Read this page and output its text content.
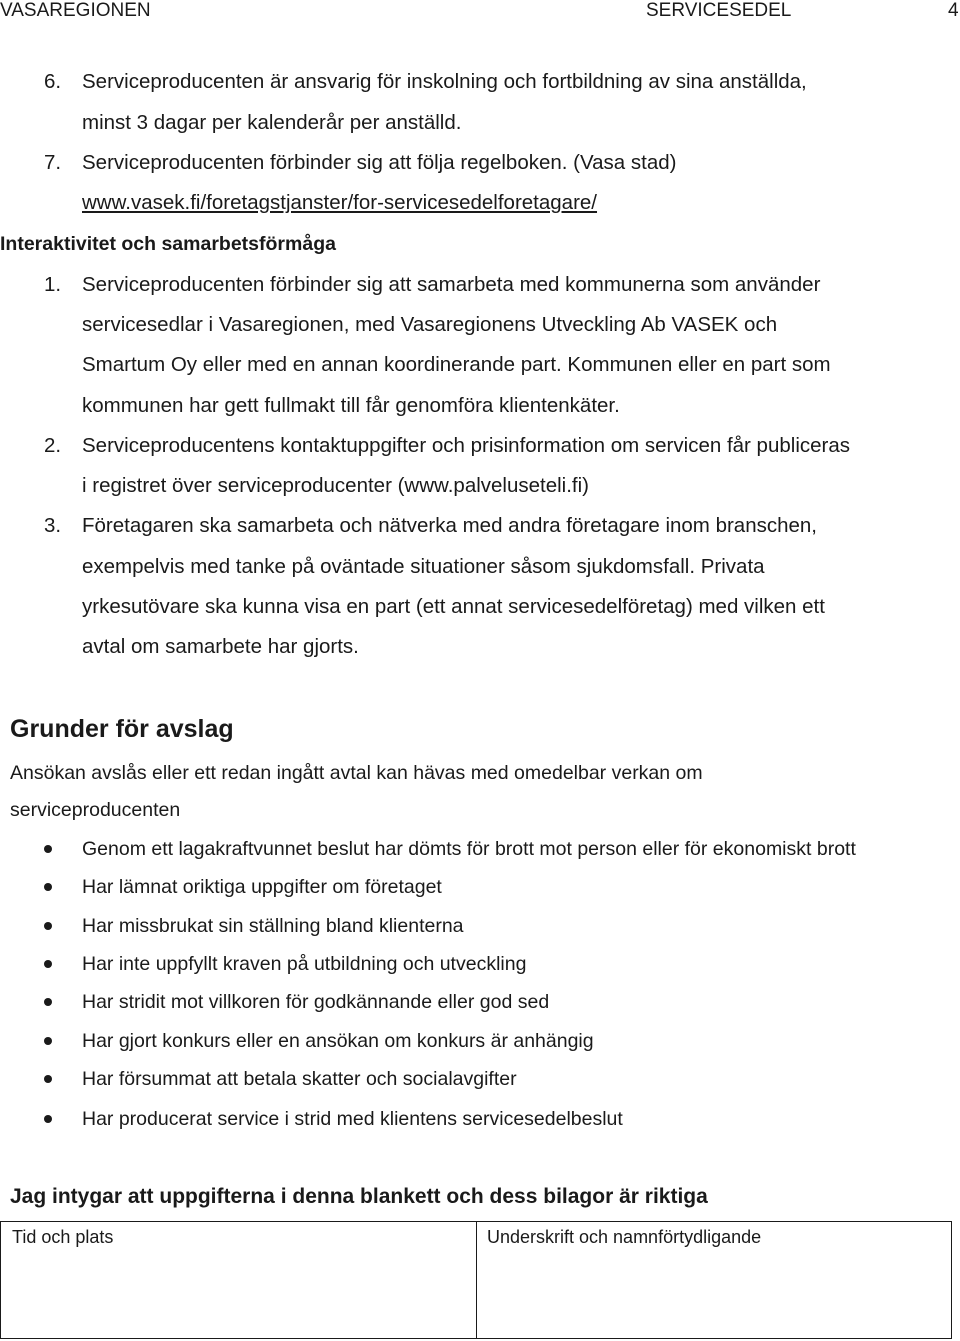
VASAREGIONEN	SERVICESEDEL	4
6. Serviceproducenten är ansvarig för inskolning och fortbildning av sina anställda,
minst 3 dagar per kalenderår per anställd.
7. Serviceproducenten förbinder sig att följa regelboken. (Vasa stad)
www.vasek.fi/foretagstjanster/for-servicesedelforetagare/
Interaktivitet och samarbetsförmåga
1. Serviceproducenten förbinder sig att samarbeta med kommunerna som använder
servicesedlar i Vasaregionen, med Vasaregionens Utveckling Ab VASEK och
Smartum Oy eller med en annan koordinerande part. Kommunen eller en part som
kommunen har gett fullmakt till får genomföra klientenkäter.
2. Serviceproducentens kontaktuppgifter och prisinformation om servicen får publiceras
i registret över serviceproducenter (www.palveluseteli.fi)
3. Företagaren ska samarbeta och nätverka med andra företagare inom branschen,
exempelvis med tanke på oväntade situationer såsom sjukdomsfall. Privata
yrkesutövare ska kunna visa en part (ett annat servicesedelföretag) med vilken ett
avtal om samarbete har gjorts.
Grunder för avslag
Ansökan avslås eller ett redan ingått avtal kan hävas med omedelbar verkan om
serviceproducenten
Genom ett lagakraftvunnet beslut har dömts för brott mot person eller för ekonomiskt brott
Har lämnat oriktiga uppgifter om företaget
Har missbrukat sin ställning bland klienterna
Har inte uppfyllt kraven på utbildning och utveckling
Har stridit mot villkoren för godkännande eller god sed
Har gjort konkurs eller en ansökan om konkurs är anhängig
Har försummat att betala skatter och socialavgifter
Har producerat service i strid med klientens servicesedelbeslut
Jag intygar att uppgifterna i denna blankett och dess bilagor är riktiga
Tid och plats	Underskrift och namnförtydligande
